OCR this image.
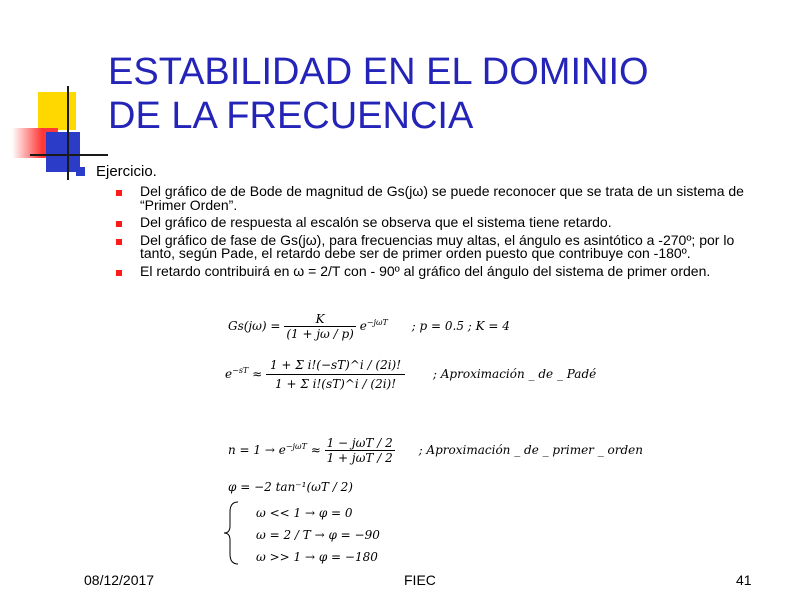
ESTABILIDAD EN EL DOMINIO
DE LA FRECUENCIA
Ejercicio.
Del gráfico de de Bode de magnitud de Gs(jω) se puede reconocer que se trata de un sistema de “Primer Orden”.
Del gráfico de respuesta al escalón se observa que el sistema tiene retardo.
Del gráfico de fase de Gs(jω), para frecuencias muy altas, el ángulo es asintótico a -270º; por lo tanto, según Pade, el retardo debe ser de primer orden puesto que contribuye con -180º.
El retardo contribuirá en ω = 2/T con - 90º al gráfico del ángulo del sistema de primer orden.
$Gs(j\omega) = \frac{K}{(1 + j\omega / p)} e^{-j\omega T}$ ; p = 0.5 ; K = 4
$e^{-sT} \approx \frac{\text{1 + Σ i!(−sT)\textasciicircum{}i / (2i)!}}{\text{1 + Σ i!(sT)\textasciicircum{}i / (2i)!}}$ ; Aproximación _ de _ Padé
$n = 1 \to e^{-j\omega T} \approx \frac{\text{1 − jωT / 2}}{\text{1 + jωT / 2}}$ ; Aproximación _ de _ primer _ orden
φ = −2 tan⁻¹(ωT / 2)
ω << 1 → φ = 0
ω = 2 / T → φ = −90
ω >> 1 → φ = −180
08/12/2017	FIEC	41
